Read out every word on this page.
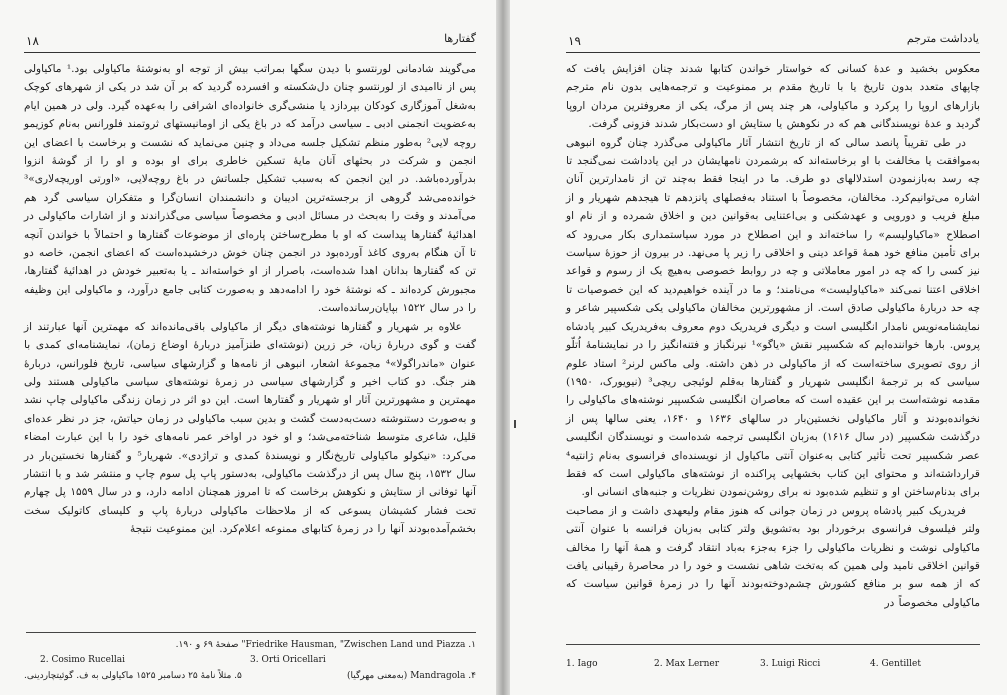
گفتارها
۱۸

می‌گویند شادمانی لورنتسو با دیدن سگها بمراتب بیش از توجه او به‌نوشتهٔ ماکیاولی بود.¹ ماکیاولی پس از ناامیدی از لورنتسو چنان دل‌شکسته و افسرده گردید که بر آن شد در یکی از شهرهای کوچک به‌شغل آموزگاری کودکان بپردازد یا منشی‌گری خانواده‌ای اشرافی را به‌عهده گیرد. ولی در همین ایام به‌عضویت انجمنی ادبی ـ سیاسی درآمد که در باغ یکی از اومانیستهای ثروتمند فلورانس به‌نام کوزیمو روچه لایی² به‌طور منظم تشکیل جلسه می‌داد و چنین می‌نماید که نشست و برخاست با اعضای این انجمن و شرکت در بحثهای آنان مایهٔ تسکین خاطری برای او بوده و او را از گوشهٔ انزوا بدرآورده‌باشد. در این انجمن که به‌سبب تشکیل جلساتش در باغ روچه‌لایی، «اورتی اوریچه‌لاری»³ خوانده‌می‌شد گروهی از برجسته‌ترین ادیبان و دانشمندان انسان‌گرا و متفکران سیاسی گرد هم می‌آمدند و وقت را به‌بحث در مسائل ادبی و مخصوصاً سیاسی می‌گذراندند و از اشارات ماکیاولی در اهدائیهٔ گفتارها پیداست که او با مطرح‌ساختن پاره‌ای از موضوعات گفتارها و احتمالاً با خواندن آنچه تا آن هنگام به‌روی کاغذ آورده‌بود در انجمن چنان خوش درخشیده‌است که اعضای انجمن، خاصه دو تن که گفتارها بدانان اهدا شده‌است، باصرار از او خواسته‌اند ـ یا به‌تعبیر خودش در اهدائیهٔ گفتارها، مجبورش کرده‌اند ـ که نوشتهٔ خود را ادامه‌دهد و به‌صورت کتابی جامع درآورد، و ماکیاولی این وظیفه را در سال ۱۵۲۲ بپایان‌رسانده‌است.

علاوه بر شهریار و گفتارها نوشته‌های دیگر از ماکیاولی باقی‌مانده‌اند که مهمترین آنها عبارتند از گفت و گوی دربارهٔ زبان، خر زرین (نوشته‌ای طنزآمیز دربارهٔ اوضاع زمان)، نمایشنامه‌ای کمدی با عنوان «ماندراگولا»⁴ مجموعهٔ اشعار، انبوهی از نامه‌ها و گزارشهای سیاسی، تاریخ فلورانس، دربارهٔ هنر جنگ. دو کتاب اخیر و گزارشهای سیاسی در زمرهٔ نوشته‌های سیاسی ماکیاولی هستند ولی مهمترین و مشهورترین آثار او شهریار و گفتارها است. این دو اثر در زمان زندگی ماکیاولی چاپ نشد و به‌صورت دستنوشته دست‌به‌دست گشت و بدین سبب ماکیاولی در زمان حیاتش، جز در نظر عده‌ای قلیل، شاعری متوسط شناخته‌می‌شد؛ و او خود در اواخر عمر نامه‌های خود را با این عبارت امضاء می‌کرد: «نیکولو ماکیاولی تاریخ‌نگار و نویسندهٔ کمدی و تراژدی». شهریار⁵ و گفتارها نخستین‌بار در سال ۱۵۳۲، پنج سال پس از درگذشت ماکیاولی، به‌دستور پاپ پل سوم چاپ و منتشر شد و با انتشار آنها توفانی از ستایش و نکوهش برخاست که تا امروز همچنان ادامه دارد، و در سال ۱۵۵۹ پل چهارم تحت فشار کشیشان یسوعی که از ملاحظات ماکیاولی دربارهٔ پاپ و کلیسای کاتولیک سخت بخشم‌آمده‌بودند آنها را در زمرهٔ کتابهای ممنوعه اعلام‌کرد. این ممنوعیت نتیجهٔ

۱. Friedrike Hausman, "Zwischen Land und Piazza" صفحهٔ ۶۹ و ۱۹۰.
2. Cosimo Rucellai	3. Orti Oricellari
۴. Mandragola (به‌معنی مهرگیا)
۵. مثلاً نامهٔ ۲۵ دسامبر ۱۵۲۵ ماکیاولی به ف. گوئیتچاردینی.
یادداشت مترجم
۱۹

معکوس بخشید و عدهٔ کسانی که خواستار خواندن کتابها شدند چنان افزایش یافت که چاپهای متعدد بدون تاریخ یا با تاریخ مقدم بر ممنوعیت و ترجمه‌هایی بدون نام مترجم بازارهای اروپا را پرکرد و ماکیاولی، هر چند پس از مرگ، یکی از معروفترین مردان اروپا گردید و عدهٔ نویسندگانی هم که در نکوهش یا ستایش او دست‌بکار شدند فزونی گرفت.

در طی تقریباً پانصد سالی که از تاریخ انتشار آثار ماکیاولی می‌گذرد چنان گروه انبوهی به‌موافقت یا مخالفت با او برخاسته‌اند که برشمردن نامهایشان در این یادداشت نمی‌گنجد تا چه رسد به‌بازنمودن استدلالهای دو طرف. ما در اینجا فقط به‌چند تن از نامدارترین آنان اشاره می‌توانیم‌کرد. مخالفان، مخصوصاً با استناد به‌فصلهای پانزدهم تا هیجدهم شهریار و از مبلغ فریب و دورویی و عهدشکنی و بی‌اعتنایی به‌قوانین دین و اخلاق شمرده و از نام او اصطلاح «ماکیاولیسم» را ساخته‌اند و این اصطلاح در مورد سیاستمداری بکار می‌رود که برای تأمین منافع خود همهٔ قواعد دینی و اخلاقی را زیر پا می‌نهد. در بیرون از حوزهٔ سیاست نیز کسی را که چه در امور معاملاتی و چه در روابط خصوصی به‌هیچ یک از رسوم و قواعد اخلاقی اعتنا نمی‌کند «ماکیاولیست» می‌نامند؛ و ما در آینده خواهیم‌دید که این خصوصیات تا چه حد دربارهٔ ماکیاولی صادق است. از مشهورترین مخالفان ماکیاولی یکی شکسپیر شاعر و نمایشنامه‌نویس نامدار انگلیسی است و دیگری فریدریک دوم معروف به‌فریدریک کبیر پادشاه پروس. بارها خواننده‌ایم که شکسپیر نقش «یاگو»¹ نیرنگباز و فتنه‌انگیز را در نمایشنامهٔ اُتلّو از روی تصویری ساخته‌است که از ماکیاولی در ذهن داشته. ولی ماکس لرنر² استاد علوم سیاسی که بر ترجمهٔ انگلیسی شهریار و گفتارها به‌قلم لوئیجی ریچی³ (نیویورک، ۱۹۵۰) مقدمه نوشته‌است بر این عقیده است که معاصران انگلیسی شکسپیر نوشته‌های ماکیاولی را نخوانده‌بودند و آثار ماکیاولی نخستین‌بار در سالهای ۱۶۳۶ و ۱۶۴۰، یعنی سالها پس از درگذشت شکسپیر (در سال ۱۶۱۶) به‌زبان انگلیسی ترجمه شده‌است و نویسندگان انگلیسی عصر شکسپیر تحت تأثیر کتابی به‌عنوان آنتی ماکیاول از نویسنده‌ای فرانسوی به‌نام ژانتیه⁴ قرارداشته‌اند و محتوای این کتاب بخشهایی پراکنده از نوشته‌های ماکیاولی است که فقط برای بدنام‌ساختن او و تنظیم شده‌بود نه برای روشن‌نمودن نظریات و جنبه‌های انسانی او.

فریدریک کبیر پادشاه پروس در زمان جوانی که هنوز مقام ولیعهدی داشت و از مصاحبت ولتر فیلسوف فرانسوی برخوردار بود به‌تشویق ولتر کتابی به‌زبان فرانسه با عنوان آنتی ماکیاولی نوشت و نظریات ماکیاولی را جزء به‌جزء به‌باد انتقاد گرفت و همهٔ آنها را مخالف قوانین اخلاقی نامید ولی همین که به‌تخت شاهی نشست و خود را در محاصرهٔ رقیبانی یافت که از همه سو بر منافع کشورش چشم‌دوخته‌بودند آنها را در زمرهٔ قوانین سیاست که ماکیاولی مخصوصاً در

1. Iago	2. Max Lerner	3. Luigi Ricci	4. Gentillet
